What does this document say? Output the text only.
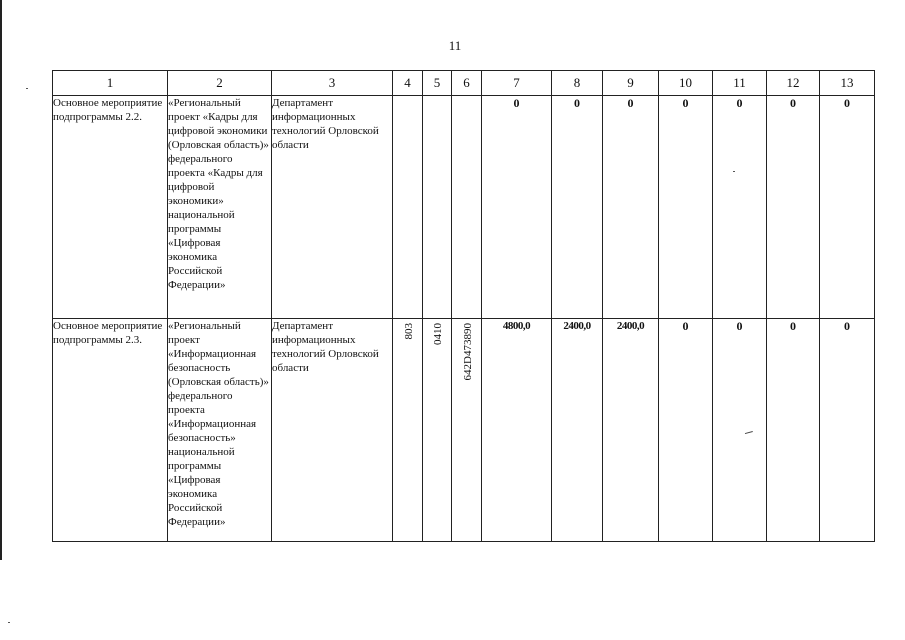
11
1	2	3	4	5	6	7	8	9	10	11	12	13
Основное мероприятие подпрограммы 2.2.	«Региональный проект «Кадры для цифровой экономики (Орловская область)» федерального проекта «Кадры для цифровой экономики» национальной программы «Цифровая экономика Российской Федерации»	Департамент информационных технологий Орловской области				0	0	0	0	0	0	0
Основное мероприятие подпрограммы 2.3.	«Региональный проект «Информационная безопасность (Орловская область)» федерального проекта «Информационная безопасность» национальной программы «Цифровая экономика Российской Федерации»	Департамент информационных технологий Орловской области	803	0410	642D473890	4800,0	2400,0	2400,0	0	0	0	0
